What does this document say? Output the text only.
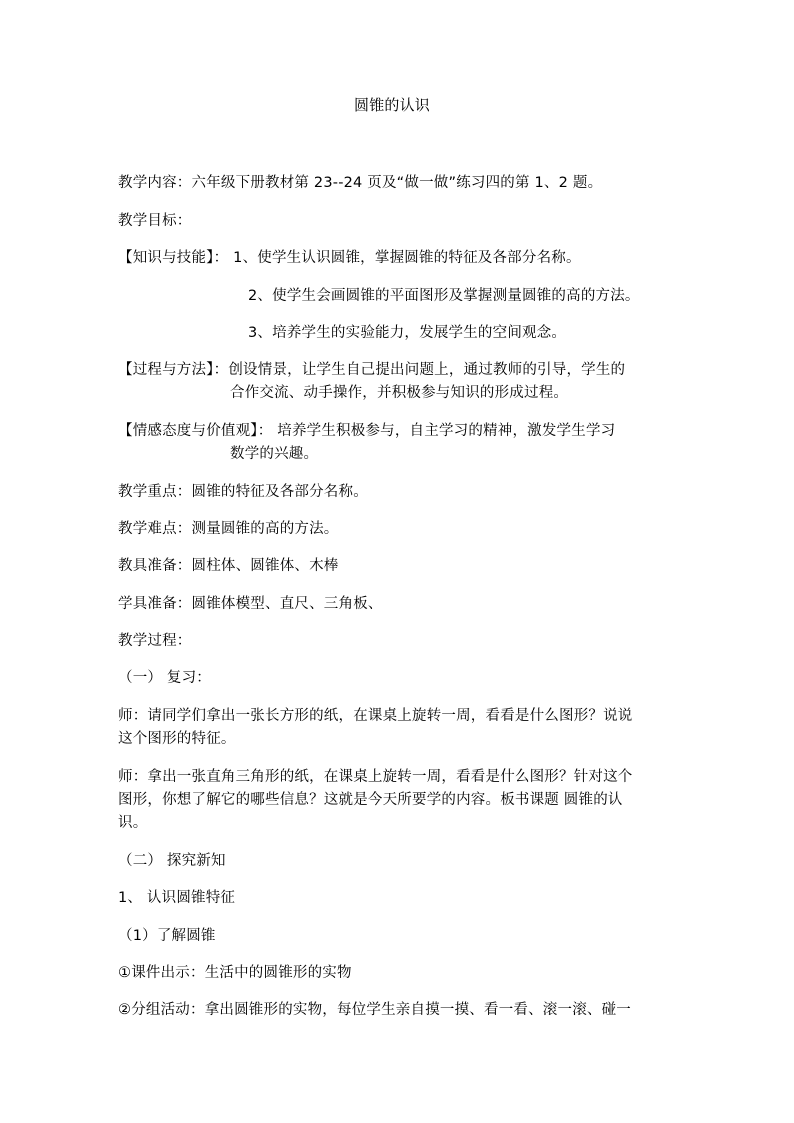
圆锥的认识
教学内容：六年级下册教材第 23--24 页及“做一做”练习四的第 1、2 题。
教学目标：
【知识与技能】： 1、使学生认识圆锥，掌握圆锥的特征及各部分名称。
2、使学生会画圆锥的平面图形及掌握测量圆锥的高的方法。
3、培养学生的实验能力，发展学生的空间观念。
【过程与方法】：创设情景，让学生自己提出问题上，通过教师的引导，学生的
合作交流、动手操作，并积极参与知识的形成过程。
【情感态度与价值观】： 培养学生积极参与，自主学习的精神，激发学生学习
数学的兴趣。
教学重点：圆锥的特征及各部分名称。
教学难点：测量圆锥的高的方法。
教具准备：圆柱体、圆锥体、木棒
学具准备：圆锥体模型、直尺、三角板、
教学过程：
（一） 复习：
师：请同学们拿出一张长方形的纸，在课桌上旋转一周，看看是什么图形？说说
这个图形的特征。
师：拿出一张直角三角形的纸，在课桌上旋转一周，看看是什么图形？针对这个
图形，你想了解它的哪些信息？这就是今天所要学的内容。板书课题 圆锥的认
识。
（二） 探究新知
1、 认识圆锥特征
（1）了解圆锥
①课件出示：生活中的圆锥形的实物
②分组活动：拿出圆锥形的实物，每位学生亲自摸一摸、看一看、滚一滚、碰一
